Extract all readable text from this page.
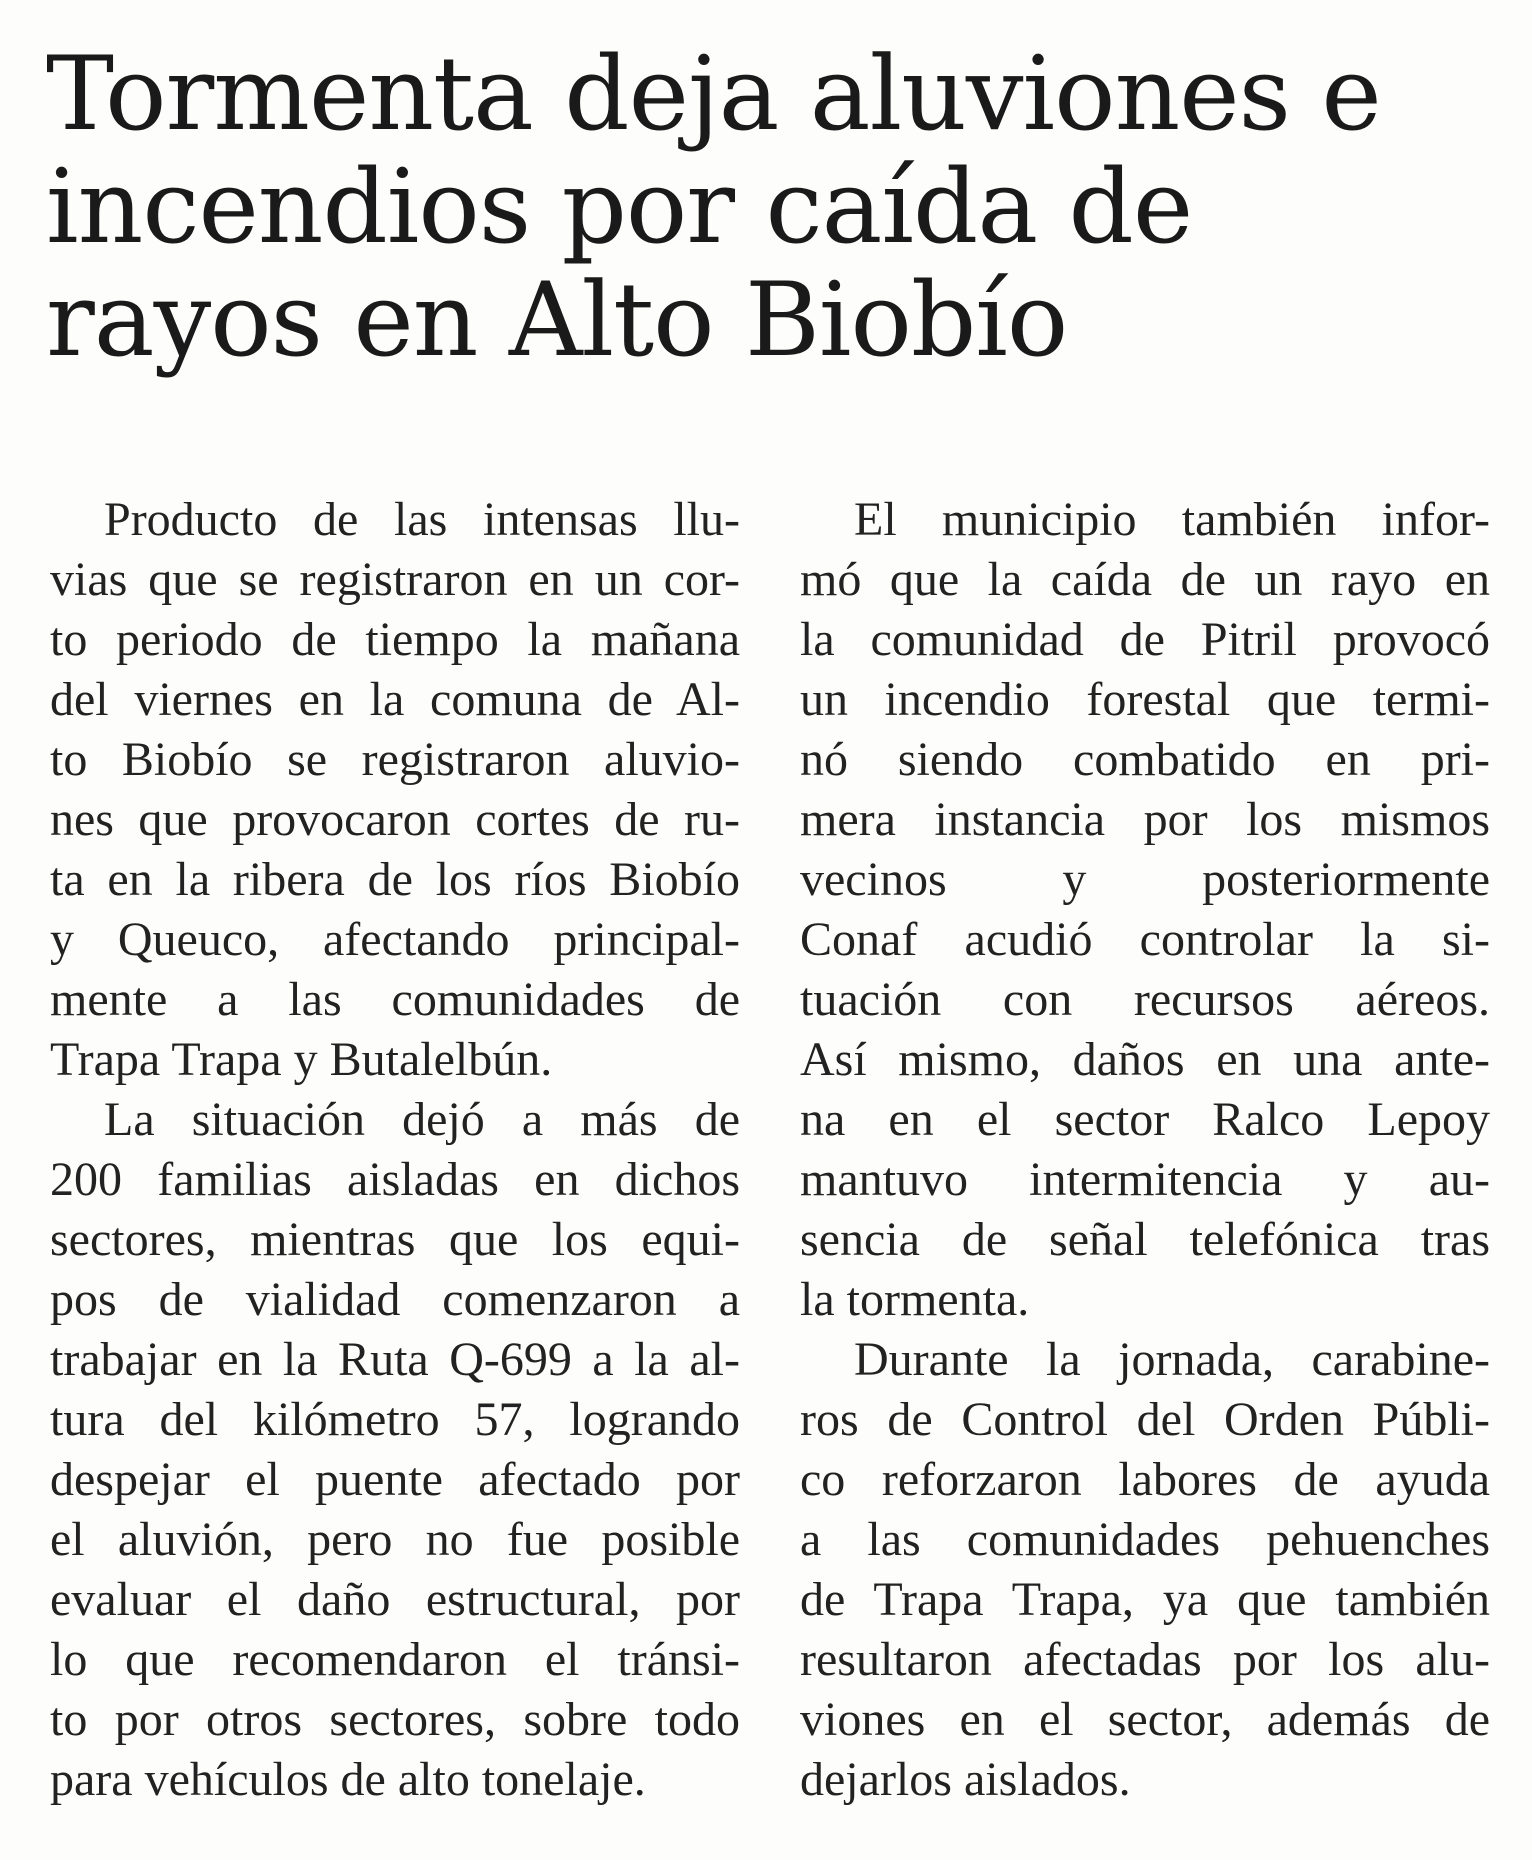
Tormenta deja aluviones e
incendios por caída de
rayos en Alto Biobío
Producto de las intensas llu-
vias que se registraron en un cor-
to periodo de tiempo la mañana
del viernes en la comuna de Al-
to Biobío se registraron aluvio-
nes que provocaron cortes de ru-
ta en la ribera de los ríos Biobío
y Queuco, afectando principal-
mente a las comunidades de
Trapa Trapa y Butalelbún.
La situación dejó a más de
200 familias aisladas en dichos
sectores, mientras que los equi-
pos de vialidad comenzaron a
trabajar en la Ruta Q-699 a la al-
tura del kilómetro 57, logrando
despejar el puente afectado por
el aluvión, pero no fue posible
evaluar el daño estructural, por
lo que recomendaron el tránsi-
to por otros sectores, sobre todo
para vehículos de alto tonelaje.
El municipio también infor-
mó que la caída de un rayo en
la comunidad de Pitril provocó
un incendio forestal que termi-
nó siendo combatido en pri-
mera instancia por los mismos
vecinos y posteriormente
Conaf acudió controlar la si-
tuación con recursos aéreos.
Así mismo, daños en una ante-
na en el sector Ralco Lepoy
mantuvo intermitencia y au-
sencia de señal telefónica tras
la tormenta.
Durante la jornada, carabine-
ros de Control del Orden Públi-
co reforzaron labores de ayuda
a las comunidades pehuenches
de Trapa Trapa, ya que también
resultaron afectadas por los alu-
viones en el sector, además de
dejarlos aislados.
